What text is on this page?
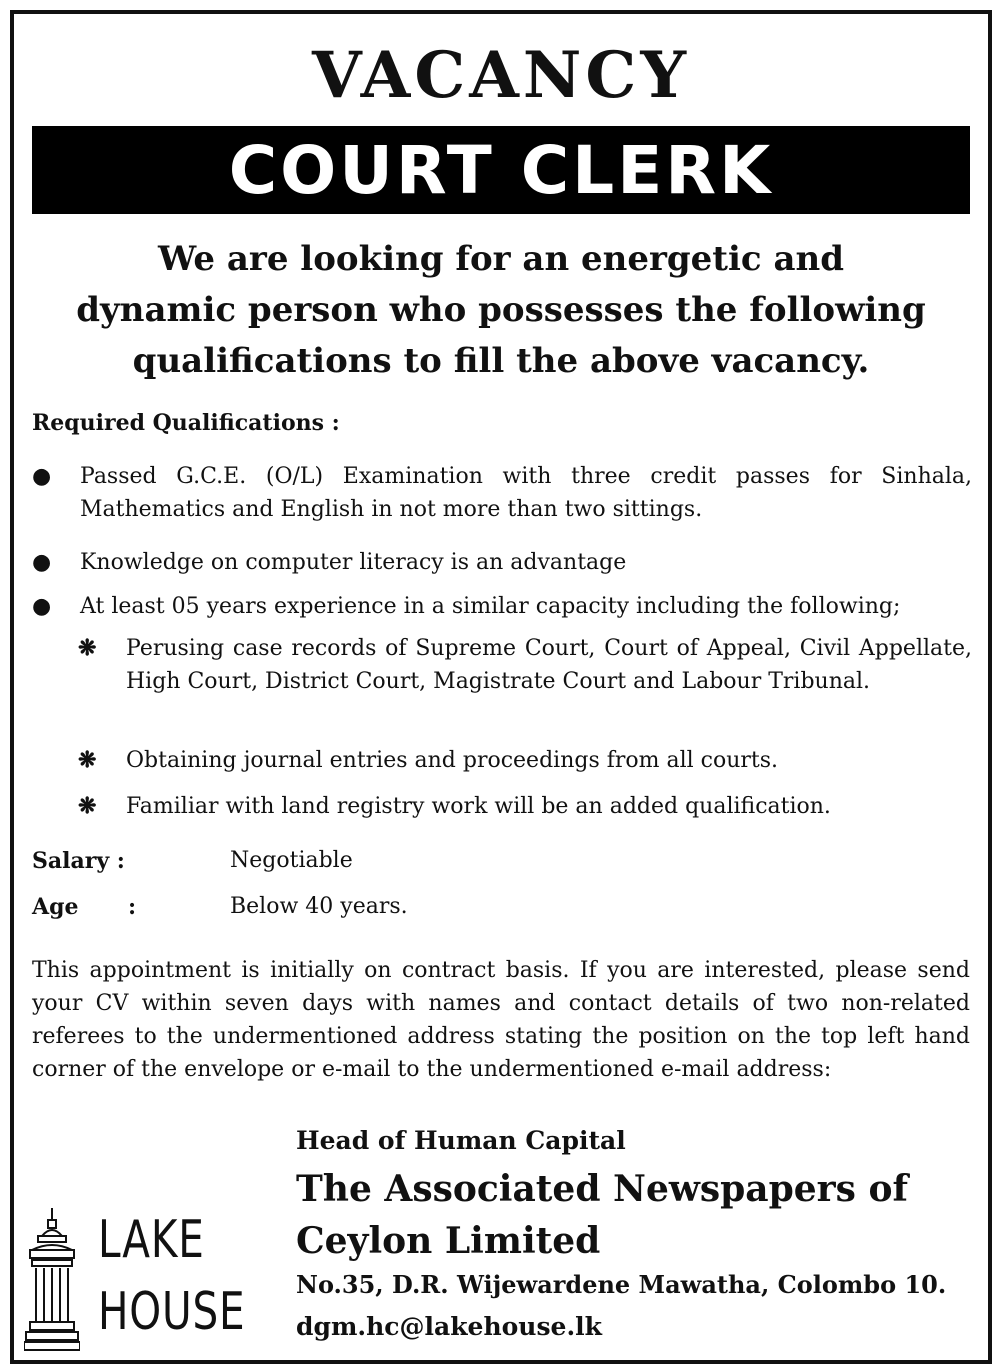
VACANCY
COURT CLERK
We are looking for an energetic and
dynamic person who possesses the following
qualifications to fill the above vacancy.
Required Qualifications :
● Passed G.C.E. (O/L) Examination with three credit passes for Sinhala, Mathematics and English in not more than two sittings.
● Knowledge on computer literacy is an advantage
● At least 05 years experience in a similar capacity including the following;
❋ Perusing case records of Supreme Court, Court of Appeal, Civil Appellate, High Court, District Court, Magistrate Court and Labour Tribunal.
❋ Obtaining journal entries and proceedings from all courts.
❋ Familiar with land registry work will be an added qualification.
Salary :	Negotiable
Age	:	Below 40 years.
This appointment is initially on contract basis. If you are interested, please send your CV within seven days with names and contact details of two non-related referees to the undermentioned address stating the position on the top left hand corner of the envelope or e-mail to the undermentioned e-mail address:
Head of Human Capital
The Associated Newspapers of
Ceylon Limited
No.35, D.R. Wijewardene Mawatha, Colombo 10.
dgm.hc@lakehouse.lk
LAKE
HOUSE
